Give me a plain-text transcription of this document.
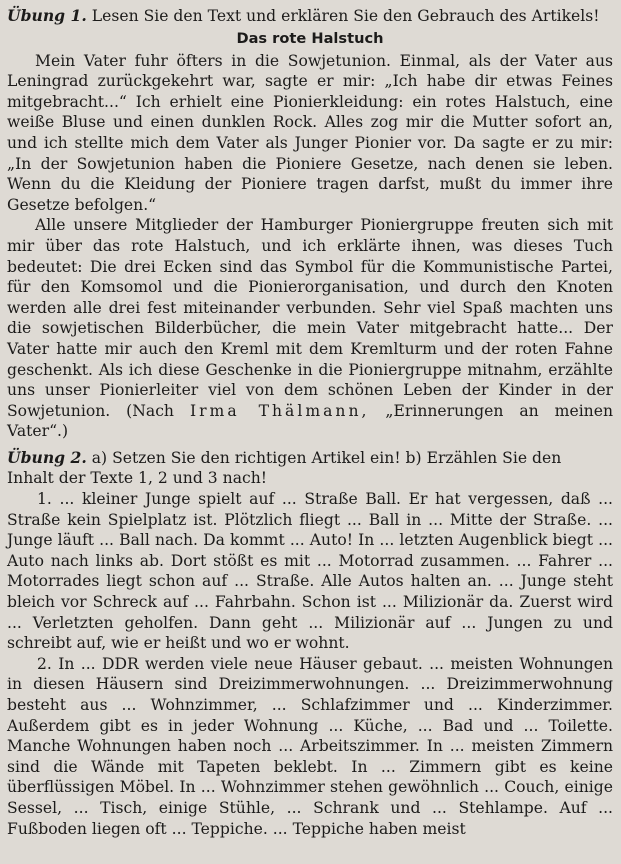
Übung 1. Lesen Sie den Text und erklären Sie den Gebrauch des Artikels!

Das rote Halstuch

Mein Vater fuhr öfters in die Sowjetunion. Einmal, als der Vater aus Leningrad zurückgekehrt war, sagte er mir: „Ich habe dir etwas Feines mitgebracht...“ Ich erhielt eine Pionierkleidung: ein rotes Halstuch, eine weiße Bluse und einen dunklen Rock. Alles zog mir die Mutter sofort an, und ich stellte mich dem Vater als Junger Pionier vor. Da sagte er zu mir: „In der Sowjetunion haben die Pioniere Gesetze, nach denen sie leben. Wenn du die Kleidung der Pioniere tragen darfst, mußt du immer ihre Gesetze befolgen.“

Alle unsere Mitglieder der Hamburger Pioniergruppe freuten sich mit mir über das rote Halstuch, und ich erklärte ihnen, was dieses Tuch bedeutet: Die drei Ecken sind das Symbol für die Kommunistische Partei, für den Komsomol und die Pionierorganisation, und durch den Knoten werden alle drei fest miteinander verbunden. Sehr viel Spaß machten uns die sowjetischen Bilderbücher, die mein Vater mitgebracht hatte... Der Vater hatte mir auch den Kreml mit dem Kremlturm und der roten Fahne geschenkt. Als ich diese Geschenke in die Pioniergruppe mitnahm, erzählte uns unser Pionierleiter viel von dem schönen Leben der Kinder in der Sowjetunion. (Nach Irma Thälmann, „Erinnerungen an meinen Vater“.)

Übung 2. a) Setzen Sie den richtigen Artikel ein! b) Erzählen Sie den Inhalt der Texte 1, 2 und 3 nach!

1. ... kleiner Junge spielt auf ... Straße Ball. Er hat vergessen, daß ... Straße kein Spielplatz ist. Plötzlich fliegt ... Ball in ... Mitte der Straße. ... Junge läuft ... Ball nach. Da kommt ... Auto! In ... letzten Augenblick biegt ... Auto nach links ab. Dort stößt es mit ... Motorrad zusammen. ... Fahrer ... Motorrades liegt schon auf ... Straße. Alle Autos halten an. ... Junge steht bleich vor Schreck auf ... Fahrbahn. Schon ist ... Milizionär da. Zuerst wird ... Verletzten geholfen. Dann geht ... Milizionär auf ... Jungen zu und schreibt auf, wie er heißt und wo er wohnt.

2. In ... DDR werden viele neue Häuser gebaut. ... meisten Wohnungen in diesen Häusern sind Dreizimmerwohnungen. ... Dreizimmerwohnung besteht aus ... Wohnzimmer, ... Schlafzimmer und ... Kinderzimmer. Außerdem gibt es in jeder Wohnung ... Küche, ... Bad und ... Toilette. Manche Wohnungen haben noch ... Arbeitszimmer. In ... meisten Zimmern sind die Wände mit Tapeten beklebt. In ... Zimmern gibt es keine überflüssigen Möbel. In ... Wohnzimmer stehen gewöhnlich ... Couch, einige Sessel, ... Tisch, einige Stühle, ... Schrank und ... Stehlampe. Auf ... Fußboden liegen oft ... Teppiche. ... Teppiche haben meist
